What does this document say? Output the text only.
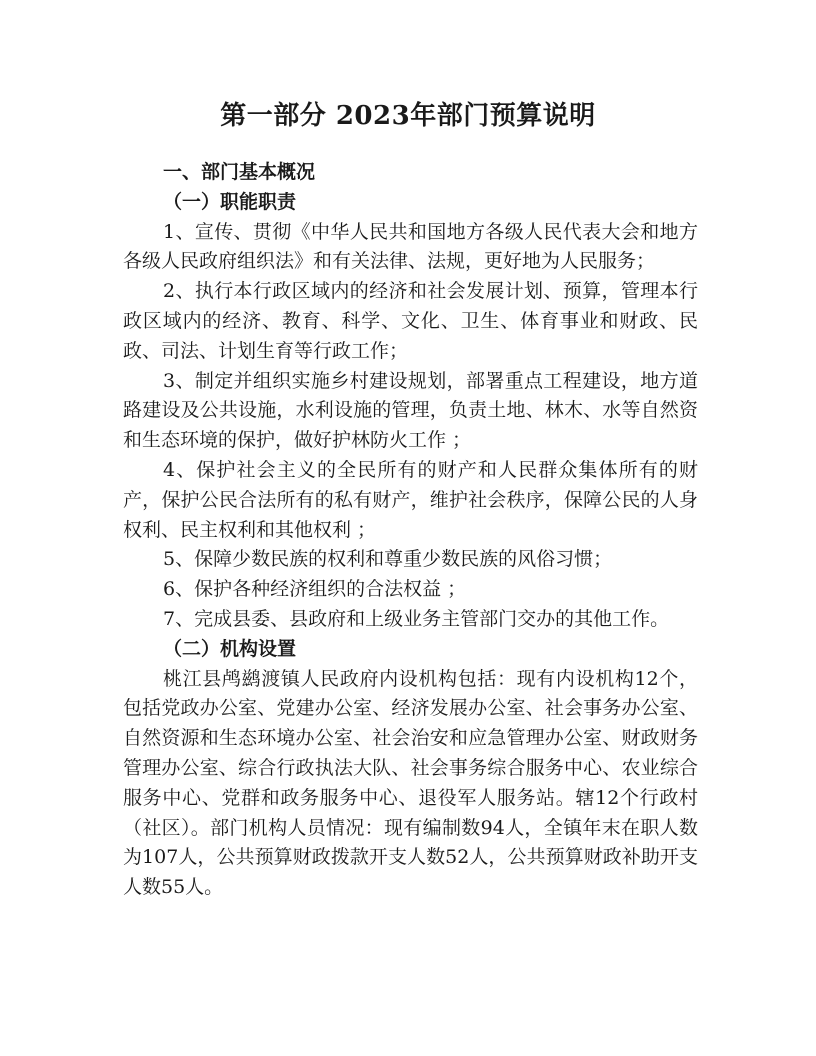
第一部分 2023年部门预算说明
一、部门基本概况
（一）职能职责

1、宣传、贯彻《中华人民共和国地方各级人民代表大会和地方各级人民政府组织法》和有关法律、法规，更好地为人民服务；

2、执行本行政区域内的经济和社会发展计划、预算，管理本行政区域内的经济、教育、科学、文化、卫生、体育事业和财政、民政、司法、计划生育等行政工作；

3、制定并组织实施乡村建设规划，部署重点工程建设，地方道路建设及公共设施，水利设施的管理，负责土地、林木、水等自然资和生态环境的保护，做好护林防火工作 ；

4、保护社会主义的全民所有的财产和人民群众集体所有的财产，保护公民合法所有的私有财产，维护社会秩序，保障公民的人身权利、民主权利和其他权利 ；

5、保障少数民族的权利和尊重少数民族的风俗习惯；

6、保护各种经济组织的合法权益 ；

7、完成县委、县政府和上级业务主管部门交办的其他工作。

（二）机构设置

桃江县鸬鹚渡镇人民政府内设机构包括：现有内设机构12个，包括党政办公室、党建办公室、经济发展办公室、社会事务办公室、自然资源和生态环境办公室、社会治安和应急管理办公室、财政财务管理办公室、综合行政执法大队、社会事务综合服务中心、农业综合服务中心、党群和政务服务中心、退役军人服务站。辖12个行政村（社区）。部门机构人员情况：现有编制数94人，全镇年末在职人数为107人，公共预算财政拨款开支人数52人，公共预算财政补助开支人数55人。
